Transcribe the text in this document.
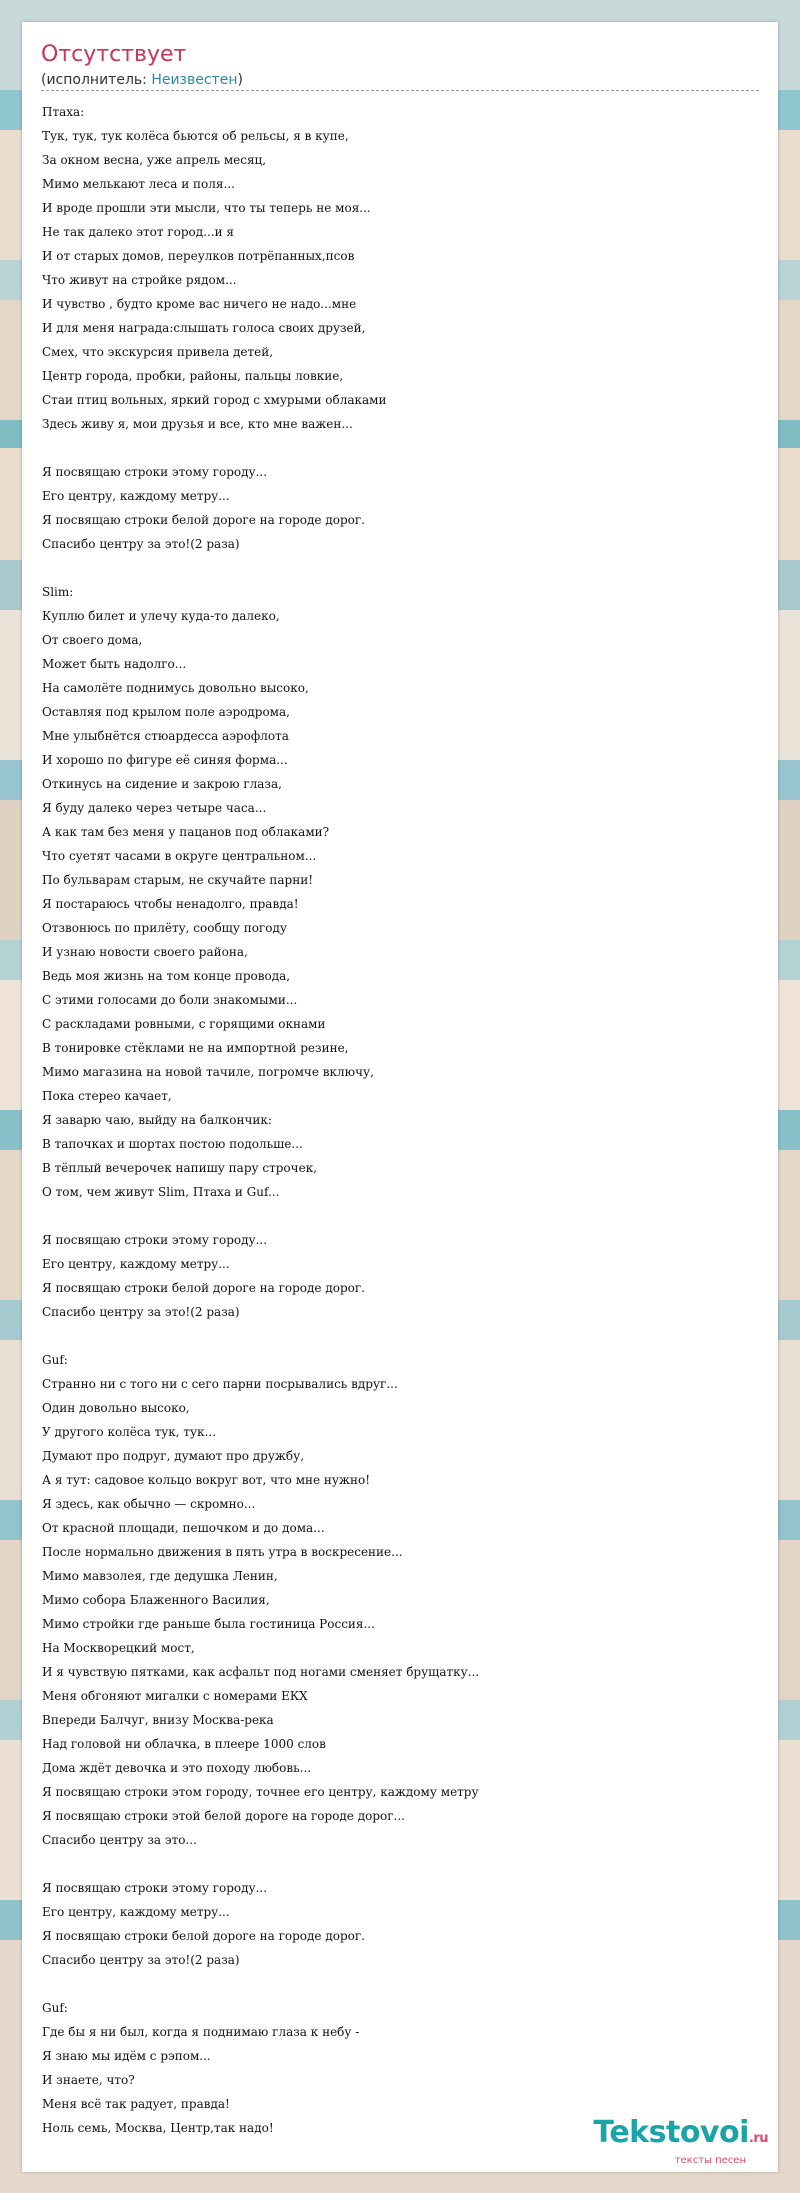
Отсутствует
(исполнитель: Неизвестен)
Птаха:
Тук, тук, тук колёса бьются об рельсы, я в купе,
За окном весна, уже апрель месяц,
Мимо мелькают леса и поля...
И вроде прошли эти мысли, что ты теперь не моя...
Не так далеко этот город...и я
И от старых домов, переулков потрёпанных,псов
Что живут на стройке рядом...
И чувство , будто кроме вас ничего не надо...мне
И для меня награда:слышать голоса своих друзей,
Смех, что экскурсия привела детей,
Центр города, пробки, районы, пальцы ловкие,
Стаи птиц вольных, яркий город с хмурыми облаками
Здесь живу я, мои друзья и все, кто мне важен...
Я посвящаю строки этому городу...
Его центру, каждому метру...
Я посвящаю строки белой дороге на городе дорог.
Спасибо центру за это!(2 раза)
Slim:
Куплю билет и улечу куда-то далеко,
От своего дома,
Может быть надолго...
На самолёте поднимусь довольно высоко,
Оставляя под крылом поле аэродрома,
Мне улыбнётся стюардесса аэрофлота
И хорошо по фигуре её синяя форма...
Откинусь на сидение и закрою глаза,
Я буду далеко через четыре часа...
А как там без меня у пацанов под облаками?
Что суетят часами в округе центральном...
По бульварам старым, не скучайте парни!
Я постараюсь чтобы ненадолго, правда!
Отзвонюсь по прилёту, сообщу погоду
И узнаю новости своего района,
Ведь моя жизнь на том конце провода,
С этими голосами до боли знакомыми...
С раскладами ровными, с горящими окнами
В тонировке стёклами не на импортной резине,
Мимо магазина на новой тачиле, погромче включу,
Пока стерео качает,
Я заварю чаю, выйду на балкончик:
В тапочках и шортах постою подольше...
В тёплый вечерочек напишу пару строчек,
О том, чем живут Slim, Птаха и Guf...
Я посвящаю строки этому городу...
Его центру, каждому метру...
Я посвящаю строки белой дороге на городе дорог.
Спасибо центру за это!(2 раза)
Guf:
Странно ни с того ни с сего парни посрывались вдруг...
Один довольно высоко,
У другого колёса тук, тук...
Думают про подруг, думают про дружбу,
А я тут: садовое кольцо вокруг вот, что мне нужно!
Я здесь, как обычно — скромно...
От красной площади, пешочком и до дома...
После нормально движения в пять утра в воскресение...
Мимо мавзолея, где дедушка Ленин,
Мимо собора Блаженного Василия,
Мимо стройки где раньше была гостиница Россия...
На Москворецкий мост,
И я чувствую пятками, как асфальт под ногами сменяет брущатку...
Меня обгоняют мигалки с номерами ЕКХ
Впереди Балчуг, внизу Москва-река
Над головой ни облачка, в плеере 1000 слов
Дома ждёт девочка и это походу любовь...
Я посвящаю строки этом городу, точнее его центру, каждому метру
Я посвящаю строки этой белой дороге на городе дорог...
Спасибо центру за это...
Я посвящаю строки этому городу...
Его центру, каждому метру...
Я посвящаю строки белой дороге на городе дорог.
Спасибо центру за это!(2 раза)
Guf:
Где бы я ни был, когда я поднимаю глаза к небу -
Я знаю мы идём с рэпом...
И знаете, что?
Меня всё так радует, правда!
Ноль семь, Москва, Центр,так надо!	Tekstovoi.ru
тексты песен
